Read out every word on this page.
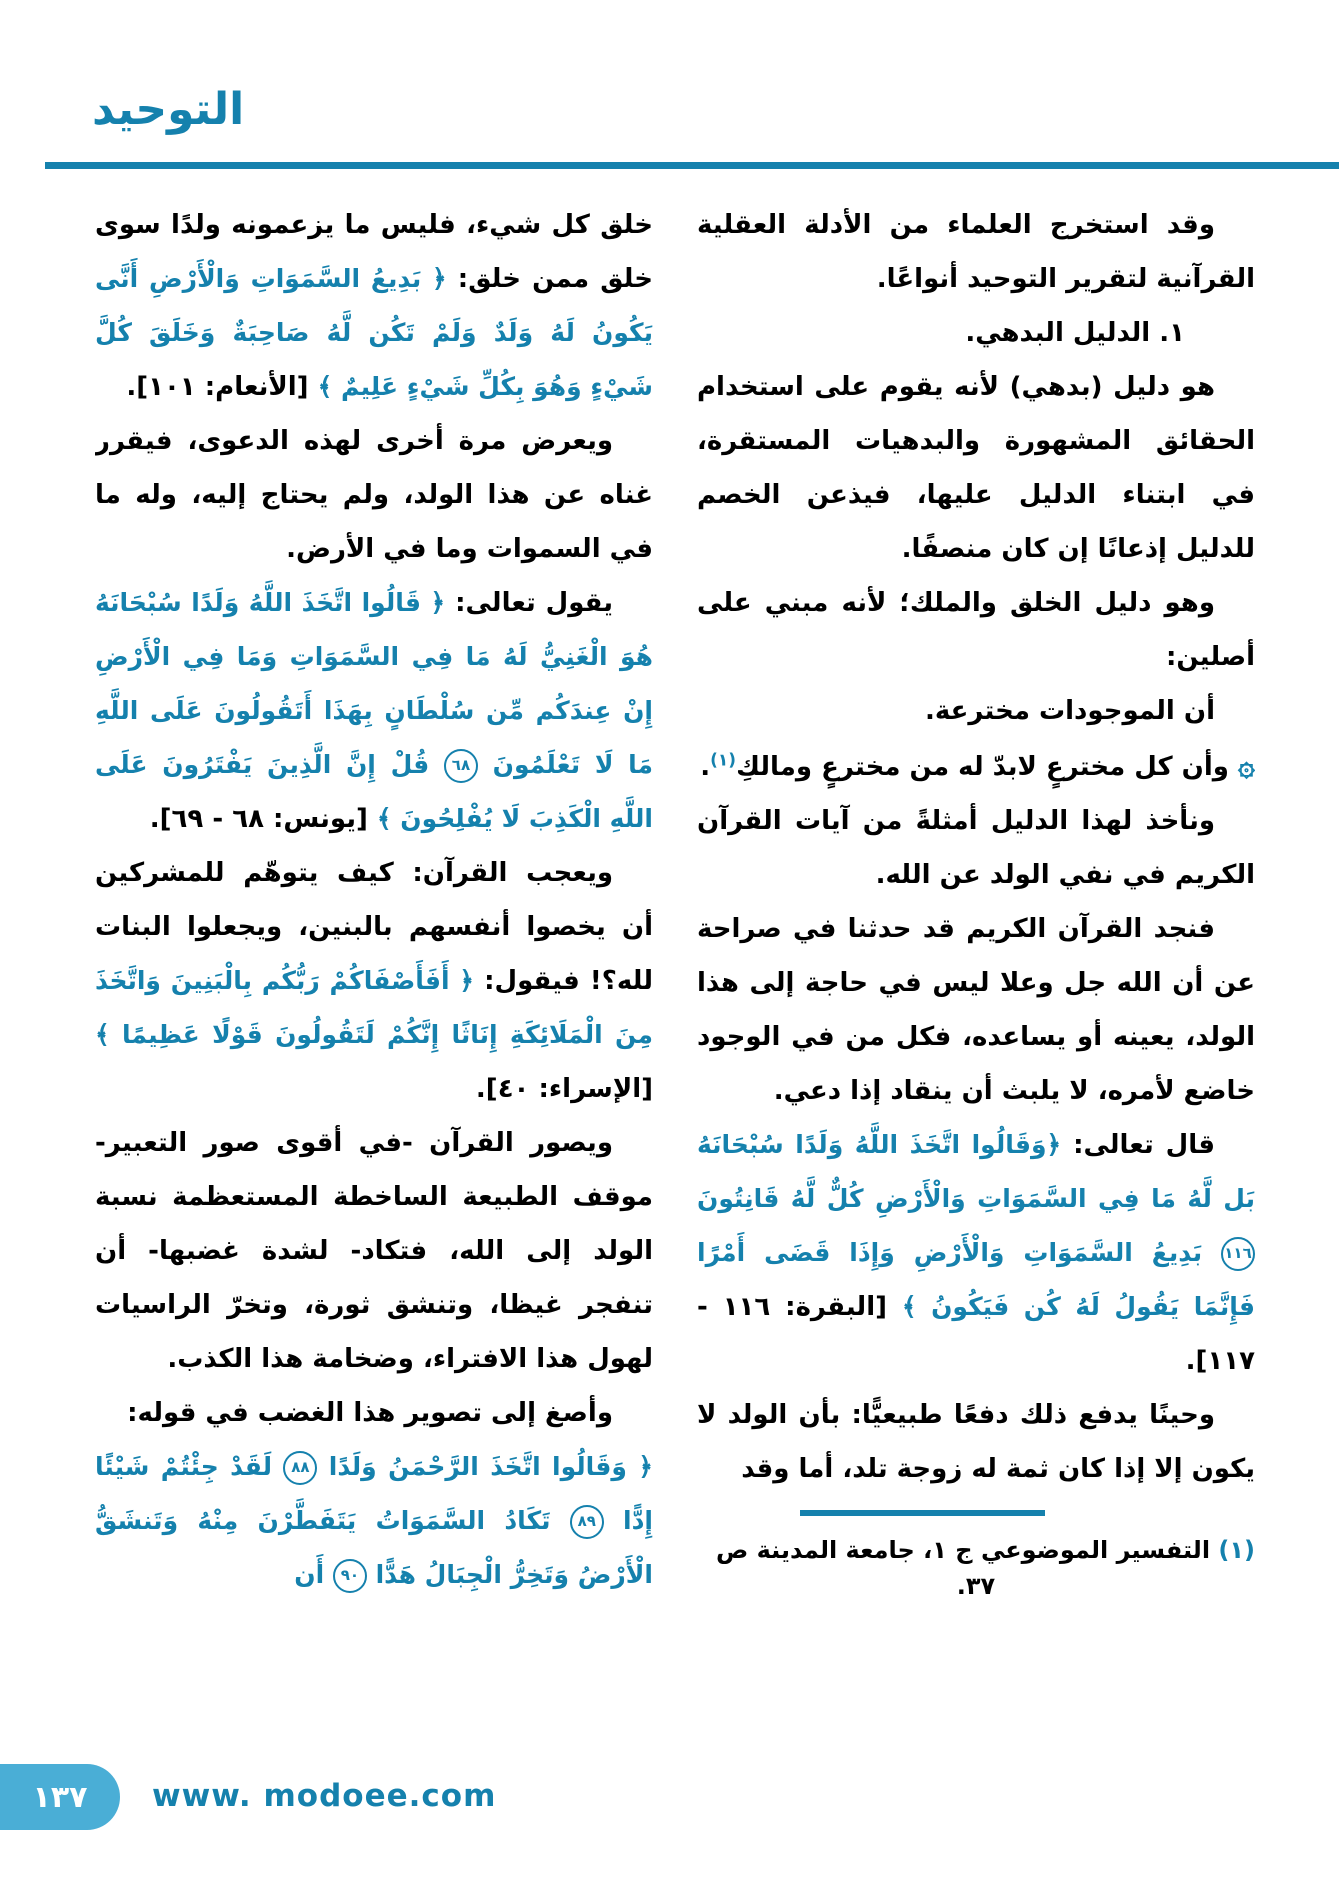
التوحيد

وقد استخرج العلماء من الأدلة العقلية القرآنية لتقرير التوحيد أنواعًا.

١. الدليل البدهي.

هو دليل (بدهي) لأنه يقوم على استخدام الحقائق المشهورة والبدهيات المستقرة، في ابتناء الدليل عليها، فيذعن الخصم للدليل إذعانًا إن كان منصفًا.

وهو دليل الخلق والملك؛ لأنه مبني على أصلين:

أن الموجودات مخترعة.

۞ وأن كل مخترعٍ لابدّ له من مخترعٍ ومالكِ$^{(١)}$.

ونأخذ لهذا الدليل أمثلةً من آيات القرآن الكريم في نفي الولد عن الله.

فنجد القرآن الكريم قد حدثنا في صراحة عن أن الله جل وعلا ليس في حاجة إلى هذا الولد، يعينه أو يساعده، فكل من في الوجود خاضع لأمره، لا يلبث أن ينقاد إذا دعي.

قال تعالى: ﴿وَقَالُوا اتَّخَذَ اللَّهُ وَلَدًا سُبْحَانَهُ بَل لَّهُ مَا فِي السَّمَوَاتِ وَالْأَرْضِ كُلٌّ لَّهُ قَانِتُونَ ١١٦ بَدِيعُ السَّمَوَاتِ وَالْأَرْضِ وَإِذَا قَضَى أَمْرًا فَإِنَّمَا يَقُولُ لَهُ كُن فَيَكُونُ ﴾ [البقرة: ١١٦ - ١١٧].

وحينًا يدفع ذلك دفعًا طبيعيًّا: بأن الولد لا يكون إلا إذا كان ثمة له زوجة تلد، أما وقد

(١) التفسير الموضوعي ج ١، جامعة المدينة ص
٣٧.

خلق كل شيء، فليس ما يزعمونه ولدًا سوى خلق ممن خلق: ﴿ بَدِيعُ السَّمَوَاتِ وَالْأَرْضِ أَنَّى يَكُونُ لَهُ وَلَدٌ وَلَمْ تَكُن لَّهُ صَاحِبَةٌ وَخَلَقَ كُلَّ شَيْءٍ وَهُوَ بِكُلِّ شَيْءٍ عَلِيمٌ ﴾ [الأنعام: ١٠١].

ويعرض مرة أخرى لهذه الدعوى، فيقرر غناه عن هذا الولد، ولم يحتاج إليه، وله ما في السموات وما في الأرض.

يقول تعالى: ﴿ قَالُوا اتَّخَذَ اللَّهُ وَلَدًا سُبْحَانَهُ هُوَ الْغَنِيُّ لَهُ مَا فِي السَّمَوَاتِ وَمَا فِي الْأَرْضِ إِنْ عِندَكُم مِّن سُلْطَانٍ بِهَذَا أَتَقُولُونَ عَلَى اللَّهِ مَا لَا تَعْلَمُونَ ٦٨ قُلْ إِنَّ الَّذِينَ يَفْتَرُونَ عَلَى اللَّهِ الْكَذِبَ لَا يُفْلِحُونَ ﴾ [يونس: ٦٨ - ٦٩].

ويعجب القرآن: كيف يتوهّم للمشركين أن يخصوا أنفسهم بالبنين، ويجعلوا البنات لله؟! فيقول: ﴿ أَفَأَصْفَاكُمْ رَبُّكُم بِالْبَنِينَ وَاتَّخَذَ مِنَ الْمَلَائِكَةِ إِنَاثًا إِنَّكُمْ لَتَقُولُونَ قَوْلًا عَظِيمًا ﴾ [الإسراء: ٤٠].

ويصور القرآن -في أقوى صور التعبير- موقف الطبيعة الساخطة المستعظمة نسبة الولد إلى الله، فتكاد- لشدة غضبها- أن تنفجر غيظا، وتنشق ثورة، وتخرّ الراسيات لهول هذا الافتراء، وضخامة هذا الكذب.

وأصغ إلى تصوير هذا الغضب في قوله:

﴿ وَقَالُوا اتَّخَذَ الرَّحْمَنُ وَلَدًا ٨٨ لَقَدْ جِئْتُمْ شَيْئًا إِدًّا ٨٩ تَكَادُ السَّمَوَاتُ يَتَفَطَّرْنَ مِنْهُ وَتَنشَقُّ الْأَرْضُ وَتَخِرُّ الْجِبَالُ هَدًّا ٩٠ أَن

١٣٧ www. modoee.com
